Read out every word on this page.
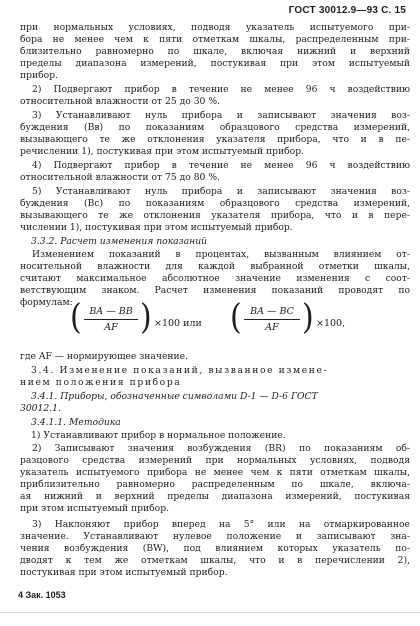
ГОСТ 30012.9—93 С. 15
при нормальных условиях, подводя указатель испытуемого при-
бора не менее чем к пяти отметкам шкалы, распределенным при-
близительно равномерно по шкале, включая нижний и верхний
пределы диапазона измерений, постукивая при этом испытуемый
прибор.
2) Подвергают прибор в течение не менее 96 ч воздействию
относительной влажности от 25 до 30 %.
3) Устанавливают нуль прибора и записывают значения воз-
буждения (Bв) по показаниям образцового средства измерений,
вызывающего те же отклонения указателя прибора, что и в пе-
речислении 1), постукивая при этом испытуемый прибор.
4) Подвергают прибор в течение не менее 96 ч воздействию
относительной влажности от 75 до 80 %.
5) Устанавливают нуль прибора и записывают значения воз-
буждения (Bс) по показаниям образцового средства измерений,
вызывающего те же отклонения указателя прибора, что и в пере-
числении 1), постукивая при этом испытуемый прибор.
3.3.2. Расчет изменения показаний
Изменением показаний в процентах, вызванным влиянием от-
носительной влажности для каждой выбранной отметки шкалы,
считают максимальное абсолютное значение изменения с соот-
ветствующим знаком. Расчет изменения показаний проводят по
формулам:
( $\frac{BA — BB}{AF}$ ) ×100 или ( $\frac{BA — BC}{AF}$ ) ×100,
где AF — нормирующее значение.
3.4. Изменение показаний, вызванное измене-
нием положения прибора
3.4.1. Приборы, обозначенные символами D-1 — D-6 ГОСТ
30012.1.
3.4.1.1. Методика
1) Устанавливают прибор в нормальное положение.
2) Записывают значения возбуждения (BR) по показаниям об-
разцового средства измерений при нормальных условиях, подводя
указатель испытуемого прибора не менее чем к пяти отметкам шкалы,
приблизительно равномерно распределенным по шкале, включа-
ая нижний и верхний пределы диапазона измерений, постукивая
при этом испытуемый прибор.
3) Наклоняют прибор вперед на 5° или на отмаркированное
значение. Устанавливают нулевое положение и записывают зна-
чения возбуждения (BW), под влиянием которых указатель по-
дводят к тем же отметкам шкалы, что и в перечислении 2),
постукивая при этом испытуемый прибор.
4 Зак. 1053
